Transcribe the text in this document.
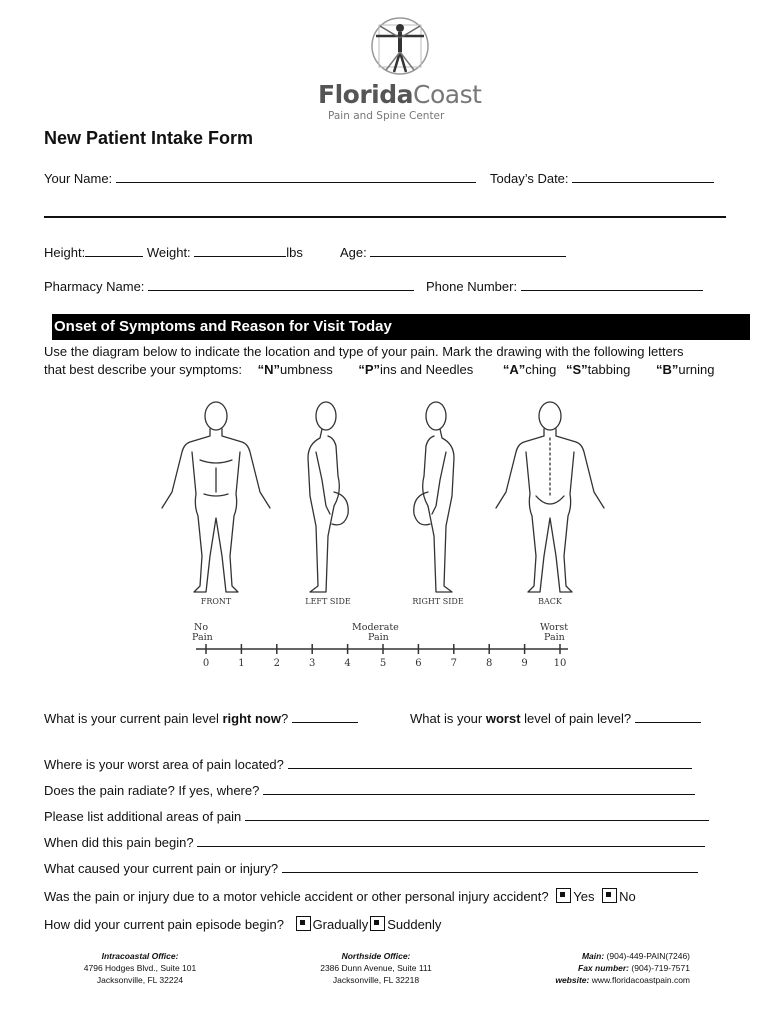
FloridaCoast
Pain and Spine Center
New Patient Intake Form
Your Name:	Today’s Date:
Height:	Weight:	lbs	Age:
Pharmacy Name:	Phone Number:
Onset of Symptoms and Reason for Visit Today
Use the diagram below to indicate the location and type of your pain. Mark the drawing with the following letters
that best describe your symptoms: “N”umbness “P”ins and Needles “A”ching “S”tabbing “B”urning
FRONT	LEFT SIDE	RIGHT SIDE	BACK
No
Pain
Moderate
Pain
Worst
Pain
0	1	2	3	4	5	6	7	8	9	10
What is your current pain level right now?	What is your worst level of pain level?
Where is your worst area of pain located?
Does the pain radiate? If yes, where?
Please list additional areas of pain
When did this pain begin?
What caused your current pain or injury?
Was the pain or injury due to a motor vehicle accident or other personal injury accident? Yes No
How did your current pain episode begin? Gradually Suddenly
Intracoastal Office:
4796 Hodges Blvd., Suite 101
Jacksonville, FL 32224
Northside Office:
2386 Dunn Avenue, Suite 111
Jacksonville, FL 32218
Main: (904)-449-PAIN(7246)
Fax number: (904)-719-7571
website: www.floridacoastpain.com
